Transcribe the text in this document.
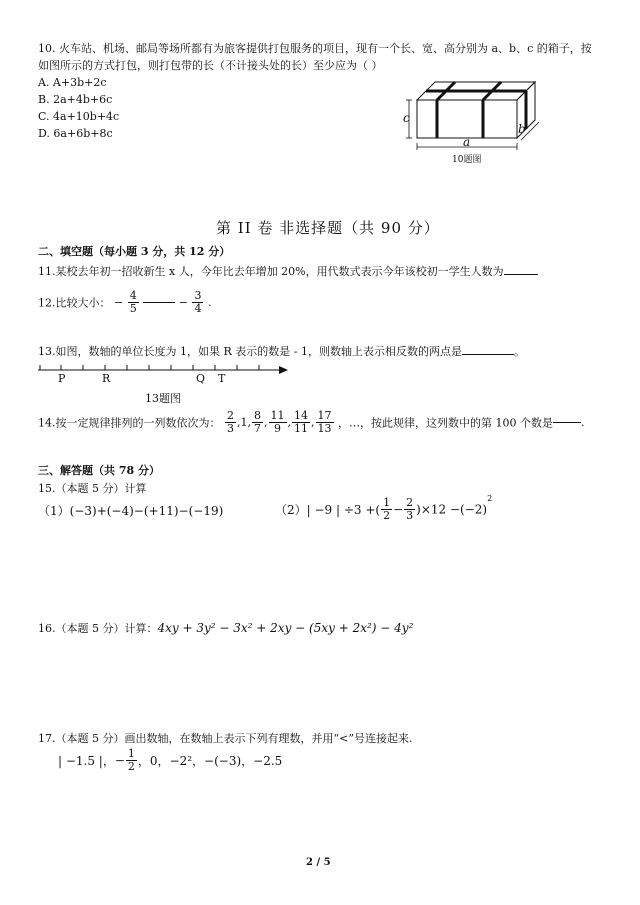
10. 火车站、机场、邮局等场所都有为旅客提供打包服务的项目，现有一个长、宽、高分别为 a、b、c 的箱子，按
如图所示的方式打包，则打包带的长（不计接头处的长）至少应为（ ）
A. A+3b+2c
B. 2a+4b+6c
C. 4a+10b+4c
D. 6a+6b+8c
c
a
b
10题图
第 II 卷 非选择题（共 90 分）
二、填空题（每小题 3 分，共 12 分）
11.某校去年初一招收新生 x 人，今年比去年增加 20%，用代数式表示今年该校初一学生人数为
12.比较大小： − $\frac{4}{5}$	− $\frac{3}{4}$ .
13.如图，数轴的单位长度为 1，如果 R 表示的数是 - 1，则数轴上表示相反数的两点是	。
P	R	Q T
13题图
14.按一定规律排列的一列数依次为： $\frac{2}{3} ,1$, $\frac{8}{7}$ , $\frac{11}{9}$ , $\frac{14}{11}$ , $\frac{17}{13}$ ，…，按此规律，这列数中的第 100 个数是	.
三、解答题（共 78 分）
15.（本题 5 分）计算
（1）(−3)+(−4)−(+11)−(−19)	（2）| −9 | ÷3 +( $\frac{1}{2} - \frac{2}{3} )\times 12 -(-2)^2$
16.（本题 5 分）计算：4xy + 3y² − 3x² + 2xy − (5xy + 2x²) − 4y²
17.（本题 5 分）画出数轴，在数轴上表示下列有理数，并用“<”号连接起来.
| −1.5 |，− $\frac{1}{2}$ ，0，−2²，−(−3)，−2.5
2 / 5
